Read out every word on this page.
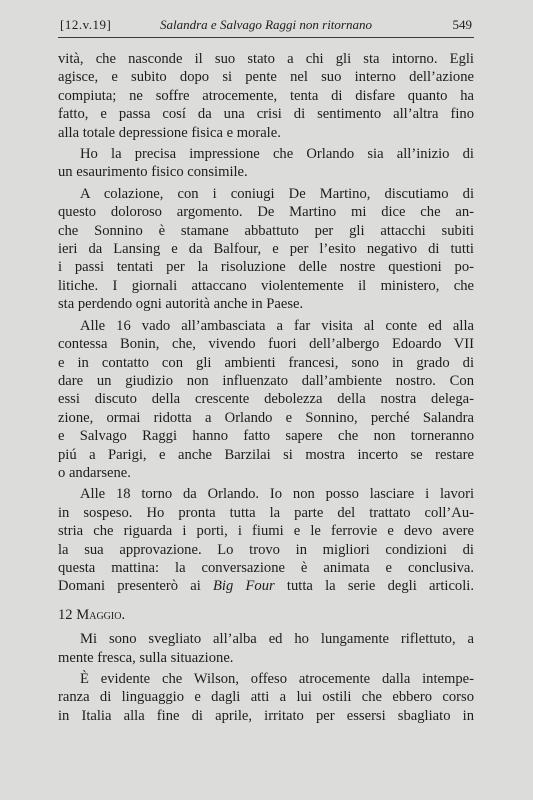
[12.v.19]	Salandra e Salvago Raggi non ritornano	549
vità, che nasconde il suo stato a chi gli sta intorno. Egli
agisce, e subito dopo si pente nel suo interno dell’azione
compiuta; ne soffre atrocemente, tenta di disfare quanto ha
fatto, e passa cosí da una crisi di sentimento all’altra fino
alla totale depressione fisica e morale.
Ho la precisa impressione che Orlando sia all’inizio di
un esaurimento fisico consimile.
A colazione, con i coniugi De Martino, discutiamo di
questo doloroso argomento. De Martino mi dice che an-
che Sonnino è stamane abbattuto per gli attacchi subiti
ieri da Lansing e da Balfour, e per l’esito negativo di tutti
i passi tentati per la risoluzione delle nostre questioni po-
litiche. I giornali attaccano violentemente il ministero, che
sta perdendo ogni autorità anche in Paese.
Alle 16 vado all’ambasciata a far visita al conte ed alla
contessa Bonin, che, vivendo fuori dell’albergo Edoardo VII
e in contatto con gli ambienti francesi, sono in grado di
dare un giudizio non influenzato dall’ambiente nostro. Con
essi discuto della crescente debolezza della nostra delega-
zione, ormai ridotta a Orlando e Sonnino, perché Salandra
e Salvago Raggi hanno fatto sapere che non torneranno
piú a Parigi, e anche Barzilai si mostra incerto se restare
o andarsene.
Alle 18 torno da Orlando. Io non posso lasciare i lavori
in sospeso. Ho pronta tutta la parte del trattato coll’Au-
stria che riguarda i porti, i fiumi e le ferrovie e devo avere
la sua approvazione. Lo trovo in migliori condizioni di
questa mattina: la conversazione è animata e conclusiva.
Domani presenterò ai Big Four tutta la serie degli articoli.
12 Maggio.
Mi sono svegliato all’alba ed ho lungamente riflettuto, a
mente fresca, sulla situazione.
È evidente che Wilson, offeso atrocemente dalla intempe-
ranza di linguaggio e dagli atti a lui ostili che ebbero corso
in Italia alla fine di aprile, irritato per essersi sbagliato in
